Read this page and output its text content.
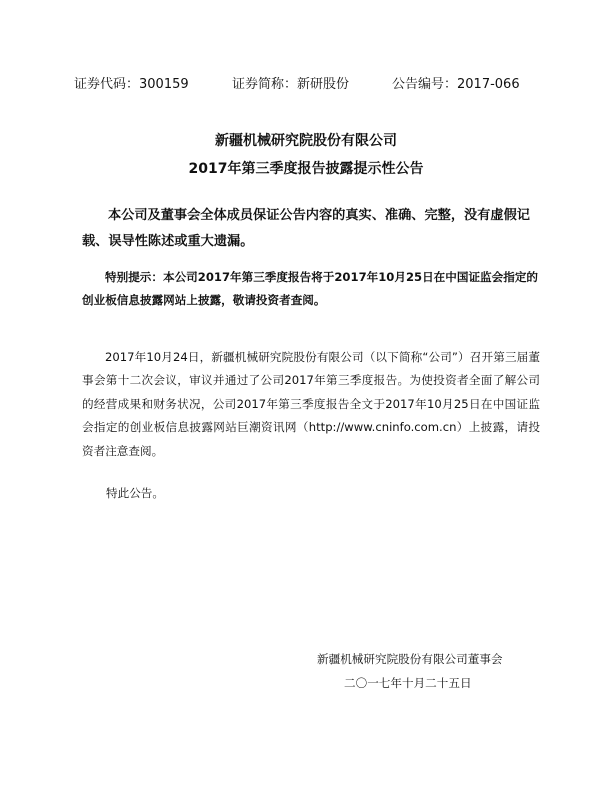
证券代码：300159	证券简称：新研股份	公告编号：2017-066
新疆机械研究院股份有限公司
2017年第三季度报告披露提示性公告
本公司及董事会全体成员保证公告内容的真实、准确、完整，没有虚假记载、误导性陈述或重大遗漏。
特别提示：本公司2017年第三季度报告将于2017年10月25日在中国证监会指定的创业板信息披露网站上披露，敬请投资者查阅。
2017年10月24日，新疆机械研究院股份有限公司（以下简称“公司”）召开第三届董事会第十二次会议，审议并通过了公司2017年第三季度报告。为使投资者全面了解公司的经营成果和财务状况，公司2017年第三季度报告全文于2017年10月25日在中国证监会指定的创业板信息披露网站巨潮资讯网（http://www.cninfo.com.cn）上披露，请投资者注意查阅。
特此公告。
新疆机械研究院股份有限公司董事会
二〇一七年十月二十五日
